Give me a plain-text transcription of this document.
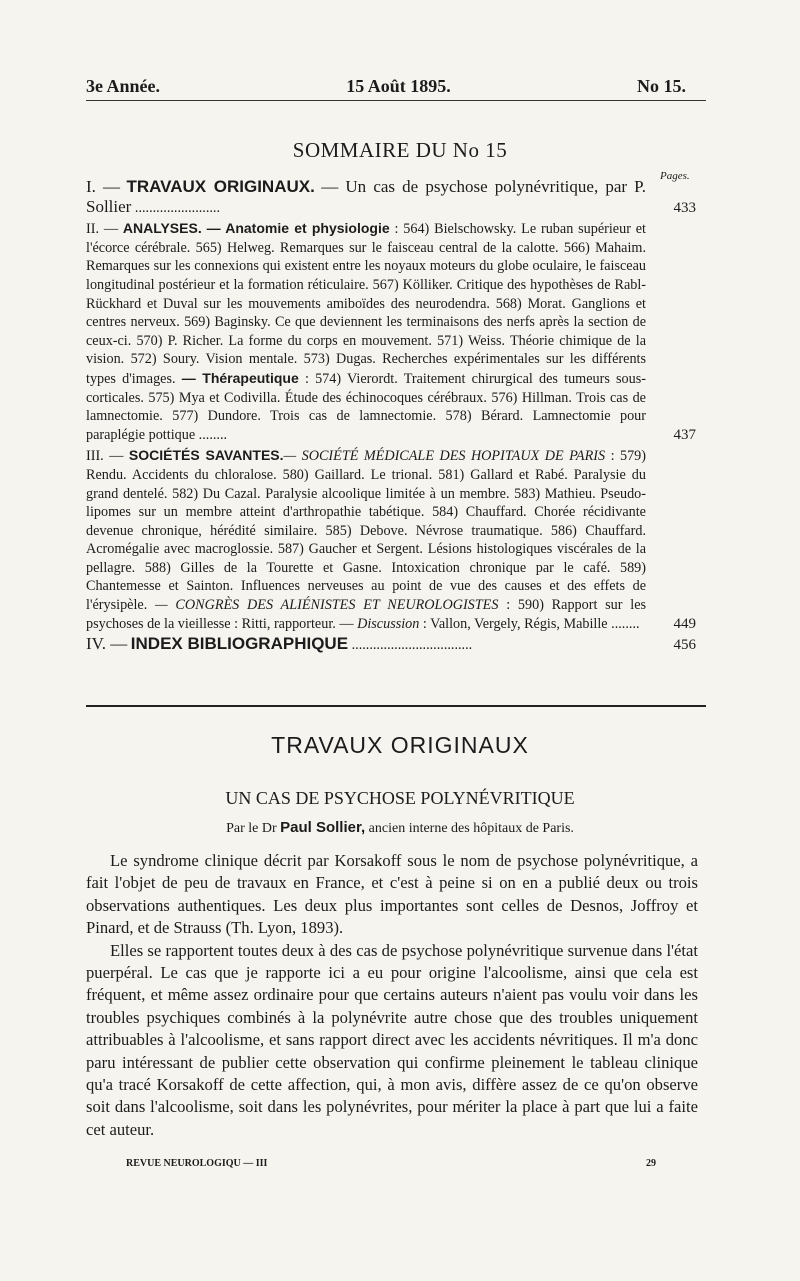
3e Année.	15 Août 1895.	No 15.
SOMMAIRE DU No 15
Pages.
I. — TRAVAUX ORIGINAUX. — Un cas de psychose polynévritique, par P. Sollier ........................	433
II. — ANALYSES. — Anatomie et physiologie : 564) Bielschowsky. Le ruban supérieur et l'écorce cérébrale. 565) Helweg. Remarques sur le faisceau central de la calotte. 566) Mahaim. Remarques sur les connexions qui existent entre les noyaux moteurs du globe oculaire, le faisceau longitudinal postérieur et la formation réticulaire. 567) Kölliker. Critique des hypothèses de Rabl-Rückhard et Duval sur les mouvements amiboïdes des neurodendra. 568) Morat. Ganglions et centres nerveux. 569) Baginsky. Ce que deviennent les terminaisons des nerfs après la section de ceux-ci. 570) P. Richer. La forme du corps en mouvement. 571) Weiss. Théorie chimique de la vision. 572) Soury. Vision mentale. 573) Dugas. Recherches expérimentales sur les différents types d'images. — Thérapeutique : 574) Vierordt. Traitement chirurgical des tumeurs sous-corticales. 575) Mya et Codivilla. Étude des échinocoques cérébraux. 576) Hillman. Trois cas de lamnectomie. 577) Dundore. Trois cas de lamnectomie. 578) Bérard. Lamnectomie pour paraplégie pottique ........	437
III. — SOCIÉTÉS SAVANTES.— SOCIÉTÉ MÉDICALE DES HOPITAUX DE PARIS : 579) Rendu. Accidents du chloralose. 580) Gaillard. Le trional. 581) Gallard et Rabé. Paralysie du grand dentelé. 582) Du Cazal. Paralysie alcoolique limitée à un membre. 583) Mathieu. Pseudo-lipomes sur un membre atteint d'arthropathie tabétique. 584) Chauffard. Chorée récidivante devenue chronique, hérédité similaire. 585) Debove. Névrose traumatique. 586) Chauffard. Acromégalie avec macroglossie. 587) Gaucher et Sergent. Lésions histologiques viscérales de la pellagre. 588) Gilles de la Tourette et Gasne. Intoxication chronique par le café. 589) Chantemesse et Sainton. Influences nerveuses au point de vue des causes et des effets de l'érysipèle. — CONGRÈS DES ALIÉNISTES ET NEUROLOGISTES : 590) Rapport sur les psychoses de la vieillesse : Ritti, rapporteur. — Discussion : Vallon, Vergely, Régis, Mabille ........ 449
IV. — INDEX BIBLIOGRAPHIQUE ..................................	456
TRAVAUX ORIGINAUX
UN CAS DE PSYCHOSE POLYNÉVRITIQUE
Par le Dr Paul Sollier, ancien interne des hôpitaux de Paris.

Le syndrome clinique décrit par Korsakoff sous le nom de psychose polynévritique, a fait l'objet de peu de travaux en France, et c'est à peine si on en a publié deux ou trois observations authentiques. Les deux plus importantes sont celles de Desnos, Joffroy et Pinard, et de Strauss (Th. Lyon, 1893).

Elles se rapportent toutes deux à des cas de psychose polynévritique survenue dans l'état puerpéral. Le cas que je rapporte ici a eu pour origine l'alcoolisme, ainsi que cela est fréquent, et même assez ordinaire pour que certains auteurs n'aient pas voulu voir dans les troubles psychiques combinés à la polynévrite autre chose que des troubles uniquement attribuables à l'alcoolisme, et sans rapport direct avec les accidents névritiques. Il m'a donc paru intéressant de publier cette observation qui confirme pleinement le tableau clinique qu'a tracé Korsakoff de cette affection, qui, à mon avis, diffère assez de ce qu'on observe soit dans l'alcoolisme, soit dans les polynévrites, pour mériter la place à part que lui a faite cet auteur.

REVUE NEUROLOGIQU — III	29
